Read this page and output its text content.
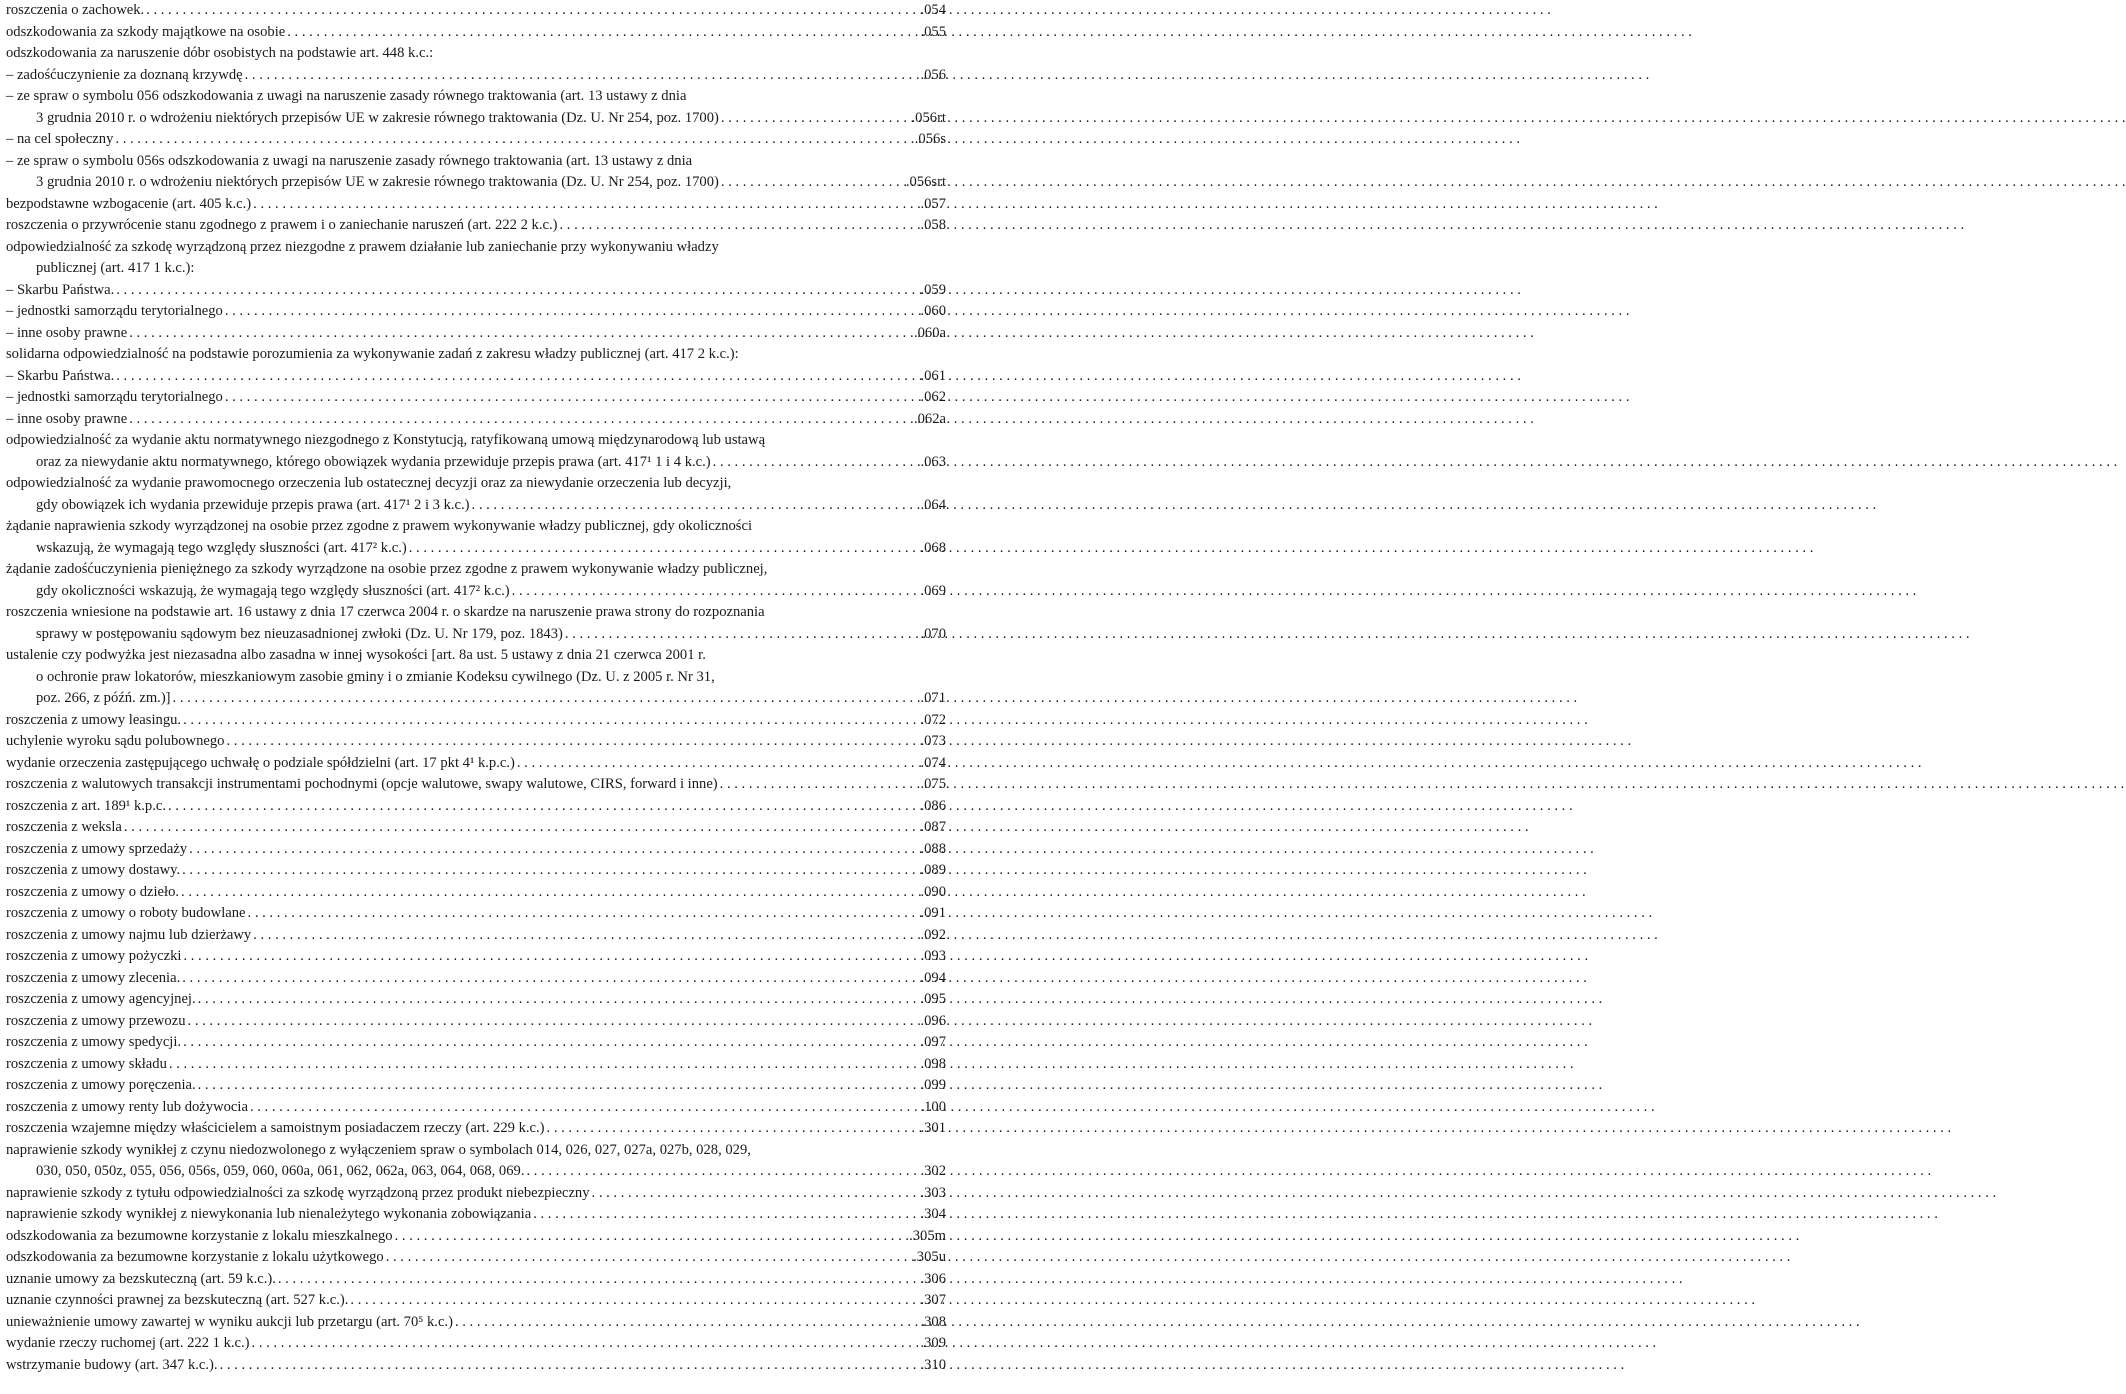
roszczenia o zachowek. . . .	.054
odszkodowania za szkody majątkowe na osobie . . .	.055
odszkodowania za naruszenie dóbr osobistych na podstawie art. 448 k.c.:
– zadośćuczynienie za doznaną krzywdę . . .	.056
– ze spraw o symbolu 056 odszkodowania z uwagi na naruszenie zasady równego traktowania (art. 13 ustawy z dnia
3 grudnia 2010 r. o wdrożeniu niektórych przepisów UE w zakresie równego traktowania (Dz. U. Nr 254, poz. 1700) . . .	.056rt
– na cel społeczny . . .	.056s
– ze spraw o symbolu 056s odszkodowania z uwagi na naruszenie zasady równego traktowania (art. 13 ustawy z dnia
3 grudnia 2010 r. o wdrożeniu niektórych przepisów UE w zakresie równego traktowania (Dz. U. Nr 254, poz. 1700) . . .	.056srt
bezpodstawne wzbogacenie (art. 405 k.c.) . . .	.057
roszczenia o przywrócenie stanu zgodnego z prawem i o zaniechanie naruszeń (art. 222 2 k.c.) . . .	.058
odpowiedzialność za szkodę wyrządzoną przez niezgodne z prawem działanie lub zaniechanie przy wykonywaniu władzy
publicznej (art. 417 1 k.c.):
– Skarbu Państwa. . . .	.059
– jednostki samorządu terytorialnego . . .	.060
– inne osoby prawne . . .	.060a
solidarna odpowiedzialność na podstawie porozumienia za wykonywanie zadań z zakresu władzy publicznej (art. 417 2 k.c.):
– Skarbu Państwa. . . .	.061
– jednostki samorządu terytorialnego . . .	.062
– inne osoby prawne . . .	.062a
odpowiedzialność za wydanie aktu normatywnego niezgodnego z Konstytucją, ratyfikowaną umową międzynarodową lub ustawą
oraz za niewydanie aktu normatywnego, którego obowiązek wydania przewiduje przepis prawa (art. 417¹ 1 i 4 k.c.) . . .	.063
odpowiedzialność za wydanie prawomocnego orzeczenia lub ostatecznej decyzji oraz za niewydanie orzeczenia lub decyzji,
gdy obowiązek ich wydania przewiduje przepis prawa (art. 417¹ 2 i 3 k.c.) . . .	.064
żądanie naprawienia szkody wyrządzonej na osobie przez zgodne z prawem wykonywanie władzy publicznej, gdy okoliczności
wskazują, że wymagają tego względy słuszności (art. 417² k.c.) . . .	.068
żądanie zadośćuczynienia pieniężnego za szkody wyrządzone na osobie przez zgodne z prawem wykonywanie władzy publicznej,
gdy okoliczności wskazują, że wymagają tego względy słuszności (art. 417² k.c.) . . .	.069
roszczenia wniesione na podstawie art. 16 ustawy z dnia 17 czerwca 2004 r. o skardze na naruszenie prawa strony do rozpoznania
sprawy w postępowaniu sądowym bez nieuzasadnionej zwłoki (Dz. U. Nr 179, poz. 1843) . . .	.070
ustalenie czy podwyżka jest niezasadna albo zasadna w innej wysokości [art. 8a ust. 5 ustawy z dnia 21 czerwca 2001 r.
o ochronie praw lokatorów, mieszkaniowym zasobie gminy i o zmianie Kodeksu cywilnego (Dz. U. z 2005 r. Nr 31,
poz. 266, z późń. zm.)] . . .	.071
roszczenia z umowy leasingu. . . .	.072
uchylenie wyroku sądu polubownego . . .	.073
wydanie orzeczenia zastępującego uchwałę o podziale spółdzielni (art. 17 pkt 4¹ k.p.c.) . . .	.074
roszczenia z walutowych transakcji instrumentami pochodnymi (opcje walutowe, swapy walutowe, CIRS, forward i inne) . . .	.075
roszczenia z art. 189¹ k.p.c. . . .	.086
roszczenia z weksla . . .	.087
roszczenia z umowy sprzedaży . . .	.088
roszczenia z umowy dostawy. . . .	.089
roszczenia z umowy o dzieło. . . .	.090
roszczenia z umowy o roboty budowlane . . .	.091
roszczenia z umowy najmu lub dzierżawy . . .	.092
roszczenia z umowy pożyczki . . .	.093
roszczenia z umowy zlecenia. . . .	.094
roszczenia z umowy agencyjnej. . . .	.095
roszczenia z umowy przewozu . . .	.096
roszczenia z umowy spedycji. . . .	.097
roszczenia z umowy składu . . .	.098
roszczenia z umowy poręczenia. . . .	.099
roszczenia z umowy renty lub dożywocia . . .	.100
roszczenia wzajemne między właścicielem a samoistnym posiadaczem rzeczy (art. 229 k.c.) . . .	.301
naprawienie szkody wynikłej z czynu niedozwolonego z wyłączeniem spraw o symbolach 014, 026, 027, 027a, 027b, 028, 029,
030, 050, 050z, 055, 056, 056s, 059, 060, 060a, 061, 062, 062a, 063, 064, 068, 069. . . .	.302
naprawienie szkody z tytułu odpowiedzialności za szkodę wyrządzoną przez produkt niebezpieczny . . .	.303
naprawienie szkody wynikłej z niewykonania lub nienależytego wykonania zobowiązania . . .	.304
odszkodowania za bezumowne korzystanie z lokalu mieszkalnego . . .	.305m
odszkodowania za bezumowne korzystanie z lokalu użytkowego . . .	.305u
uznanie umowy za bezskuteczną (art. 59 k.c.). . . .	.306
uznanie czynności prawnej za bezskuteczną (art. 527 k.c.). . . .	.307
unieważnienie umowy zawartej w wyniku aukcji lub przetargu (art. 70⁵ k.c.) . . .	.308
wydanie rzeczy ruchomej (art. 222 1 k.c.) . . .	.309
wstrzymanie budowy (art. 347 k.c.). . . .	.310
